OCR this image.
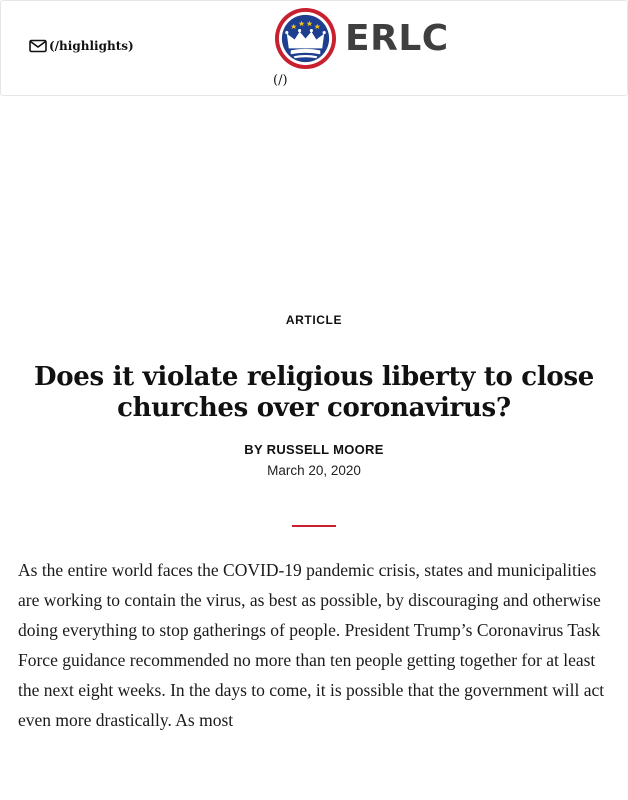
(/highlights)	ERLC
(/)
ARTICLE
Does it violate religious liberty to close churches over coronavirus?
BY RUSSELL MOORE
March 20, 2020

As the entire world faces the COVID-19 pandemic crisis, states and municipalities are working to contain the virus, as best as possible, by discouraging and otherwise doing everything to stop gatherings of people. President Trump’s Coronavirus Task Force guidance recommended no more than ten people getting together for at least the next eight weeks. In the days to come, it is possible that the government will act even more drastically. As most
